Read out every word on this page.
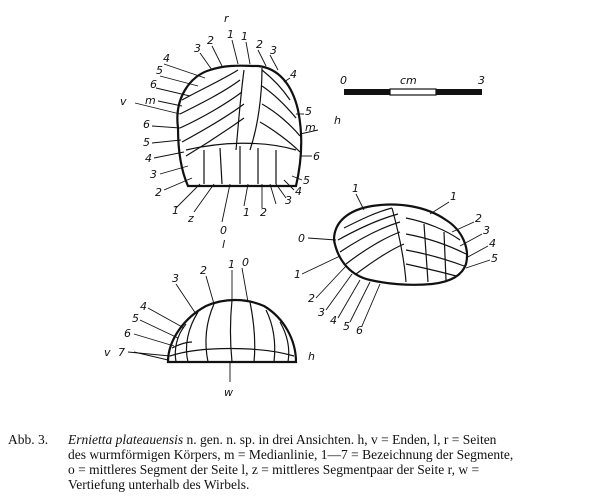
0	cm	3
r
4
5
6
m
v
6
5
4
3
2
3
2 1 1
2 3
4
5
m
h
6
5
4
3
1
z
0
l
1 2
1
1
0
1
2
3
4 5 6
2
3
4
5
3
2 1 0
4
5
6
v 7	h
w
Abb. 3.	Ernietta plateauensis n. gen. n. sp. in drei Ansichten. h, v = Enden, l, r = Seiten
des wurmförmigen Körpers, m = Medianlinie, 1—7 = Bezeichnung der Segmente,
o = mittleres Segment der Seite l, z = mittleres Segmentpaar der Seite r, w =
Vertiefung unterhalb des Wirbels.
